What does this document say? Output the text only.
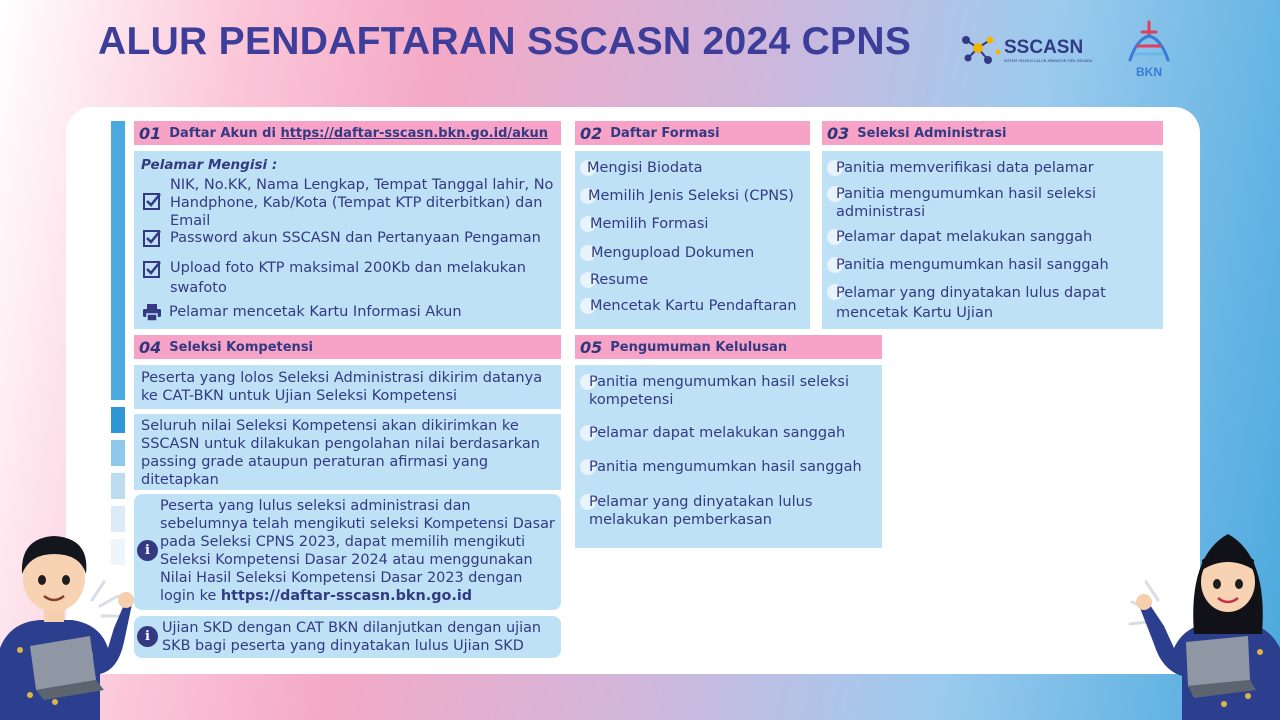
ALUR PENDAFTARAN SSCASN 2024 CPNS	SSCASN
SISTEM SELEKSI CALON APARATUR SIPIL NEGARA
BKN
01 Daftar Akun di https://daftar-sscasn.bkn.go.id/akun
Pelamar Mengisi :
NIK, No.KK, Nama Lengkap, Tempat Tanggal lahir, No Handphone, Kab/Kota (Tempat KTP diterbitkan) dan Email
Password akun SSCASN dan Pertanyaan Pengaman
Upload foto KTP maksimal 200Kb dan melakukan swafoto
Pelamar mencetak Kartu Informasi Akun
02 Daftar Formasi
Mengisi Biodata
Memilih Jenis Seleksi (CPNS)
Memilih Formasi
Mengupload Dokumen
Resume
Mencetak Kartu Pendaftaran
03 Seleksi Administrasi
Panitia memverifikasi data pelamar
Panitia mengumumkan hasil seleksi administrasi
Pelamar dapat melakukan sanggah
Panitia mengumumkan hasil sanggah
Pelamar yang dinyatakan lulus dapat mencetak Kartu Ujian
04 Seleksi Kompetensi
Peserta yang lolos Seleksi Administrasi dikirim datanya ke CAT-BKN untuk Ujian Seleksi Kompetensi
Seluruh nilai Seleksi Kompetensi akan dikirimkan ke SSCASN untuk dilakukan pengolahan nilai berdasarkan passing grade ataupun peraturan afirmasi yang ditetapkan
i
Peserta yang lulus seleksi administrasi dan sebelumnya telah mengikuti seleksi Kompetensi Dasar pada Seleksi CPNS 2023, dapat memilih mengikuti Seleksi Kompetensi Dasar 2024 atau menggunakan Nilai Hasil Seleksi Kompetensi Dasar 2023 dengan login ke https://daftar-sscasn.bkn.go.id
i Ujian SKD dengan CAT BKN dilanjutkan dengan ujian SKB bagi peserta yang dinyatakan lulus Ujian SKD
05 Pengumuman Kelulusan
Panitia mengumumkan hasil seleksi kompetensi
Pelamar dapat melakukan sanggah
Panitia mengumumkan hasil sanggah
Pelamar yang dinyatakan lulus melakukan pemberkasan
